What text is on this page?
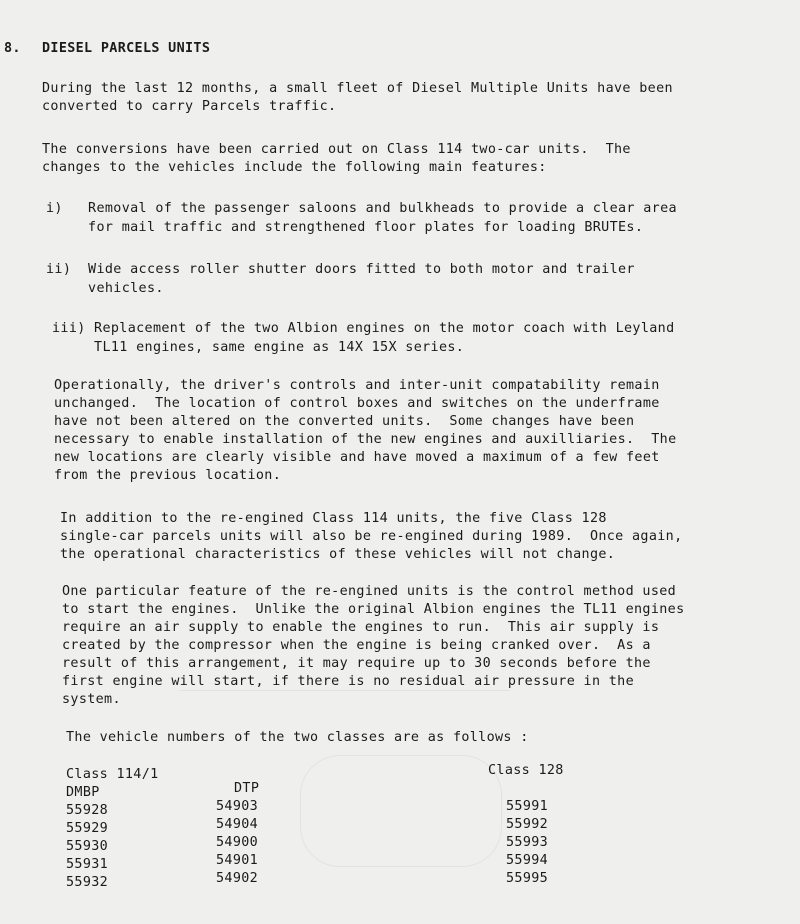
8. DIESEL PARCELS UNITS
During the last 12 months, a small fleet of Diesel Multiple Units have been
converted to carry Parcels traffic.
The conversions have been carried out on Class 114 two-car units.  The
changes to the vehicles include the following main features:
i)   Removal of the passenger saloons and bulkheads to provide a clear area
for mail traffic and strengthened floor plates for loading BRUTEs.
ii)  Wide access roller shutter doors fitted to both motor and trailer
vehicles.
iii) Replacement of the two Albion engines on the motor coach with Leyland
TL11 engines, same engine as 14X 15X series.
Operationally, the driver's controls and inter-unit compatability remain
unchanged.  The location of control boxes and switches on the underframe
have not been altered on the converted units.  Some changes have been
necessary to enable installation of the new engines and auxilliaries.  The
new locations are clearly visible and have moved a maximum of a few feet
from the previous location.
In addition to the re-engined Class 114 units, the five Class 128
single-car parcels units will also be re-engined during 1989.  Once again,
the operational characteristics of these vehicles will not change.
One particular feature of the re-engined units is the control method used
to start the engines.  Unlike the original Albion engines the TL11 engines
require an air supply to enable the engines to run.  This air supply is
created by the compressor when the engine is being cranked over.  As a
result of this arrangement, it may require up to 30 seconds before the
first engine will start, if there is no residual air pressure in the
system.
The vehicle numbers of the two classes are as follows :
Class 114/1	Class 128
DMBP	DTP
55928
55929
55930
55931
55932
54903
54904
54900
54901
54902
55991
55992
55993
55994
55995
